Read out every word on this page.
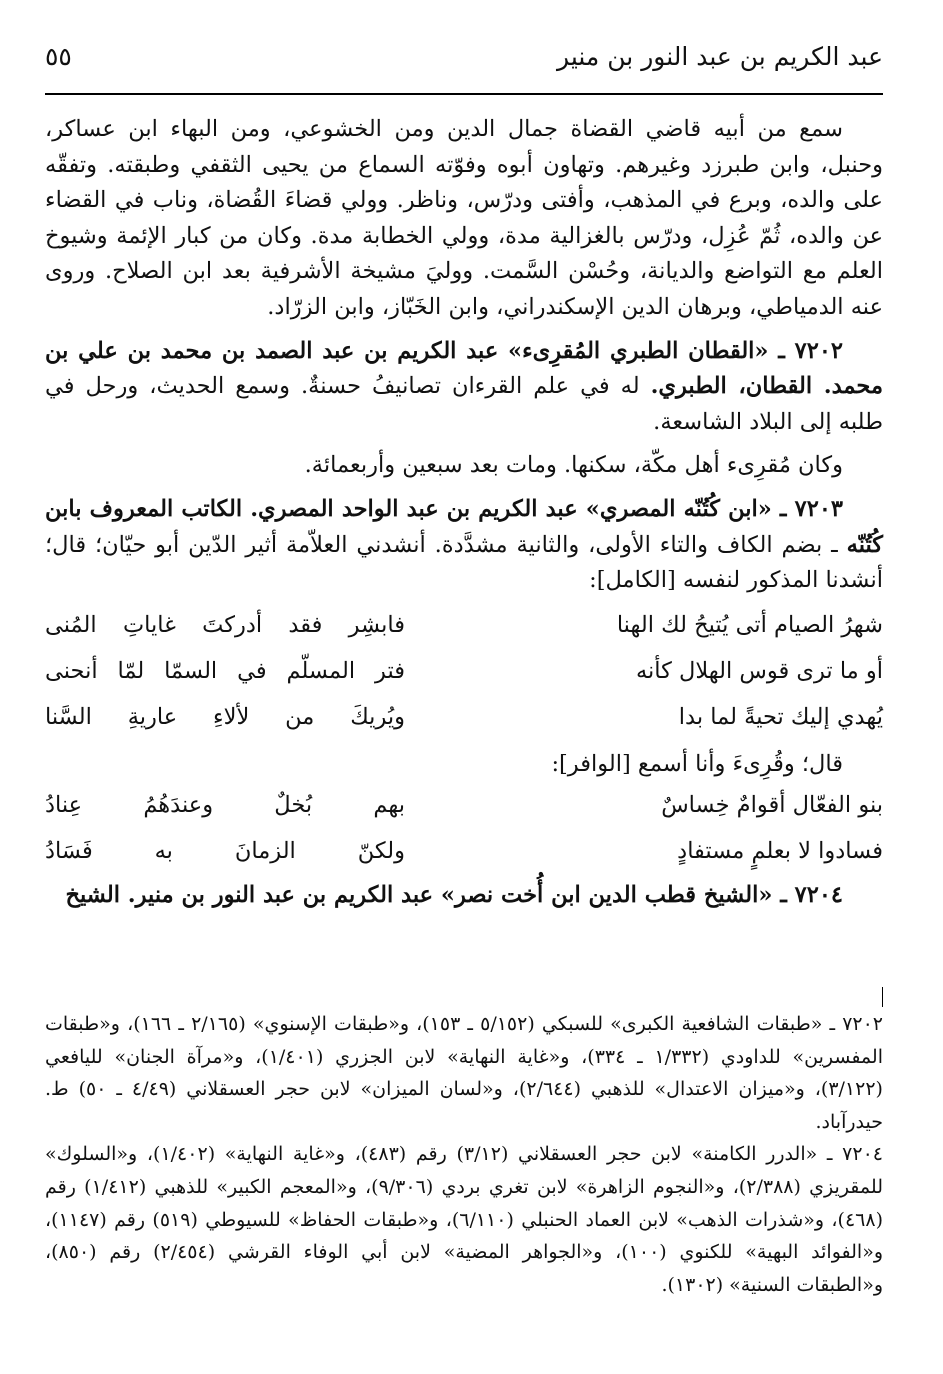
عبد الكريم بن عبد النور بن منير
٥٥

سمع من أبيه قاضي القضاة جمال الدين ومن الخشوعي، ومن البهاء ابن عساكر، وحنبل، وابن طبرزد وغيرهم. وتهاون أبوه وفوّته السماع من يحيى الثقفي وطبقته. وتفقّه على والده، وبرع في المذهب، وأفتى ودرّس، وناظر. وولي قضاءَ القُضاة، وناب في القضاء عن والده، ثُمّ عُزِل، ودرّس بالغزالية مدة، وولي الخطابة مدة. وكان من كبار الإئمة وشيوخ العلم مع التواضع والديانة، وحُسْن السَّمت. ووليَ مشيخة الأشرفية بعد ابن الصلاح. وروى عنه الدمياطي، وبرهان الدين الإسكندراني، وابن الخَبّاز، وابن الزرّاد.

٧٢٠٢ ـ «القطان الطبري المُقرِىء» عبد الكريم بن عبد الصمد بن محمد بن علي بن محمد. القطان، الطبري. له في علم القرءان تصانيفُ حسنةٌ. وسمع الحديث، ورحل في طلبه إلى البلاد الشاسعة.

وكان مُقرِىء أهل مكّة، سكنها. ومات بعد سبعين وأربعمائة.

٧٢٠٣ ـ «ابن كُتُنّه المصري» عبد الكريم بن عبد الواحد المصري. الكاتب المعروف بابن كُتُنّه ـ بضم الكاف والتاء الأولى، والثانية مشدَّدة. أنشدني العلاّمة أثير الدّين أبو حيّان؛ قال؛ أنشدنا المذكور لنفسه [الكامل]:

شهرُ الصيام أتى يُتيحُ لك الهنا
فابشِر فقد أدركتَ غاياتِ المُنى
أو ما ترى قوس الهلال كأنه
فتر المسلّم في السمّا لمّا أنحنى
يُهدي إليك تحيةً لما بدا
ويُريكَ من لألاءِ عاريةِ السَّنا

قال؛ وقُرِىءَ وأنا أسمع [الوافر]:

بنو الفعّال أقوامٌ خِساسٌ
بهم بُخلٌ وعندَهُمُ عِنادُ
فسادوا لا بعلمٍ مستفادٍ
ولكنّ الزمانَ به فَسَادُ

٧٢٠٤ ـ «الشيخ قطب الدين ابن أُخت نصر» عبد الكريم بن عبد النور بن منير. الشيخ

٧٢٠٢ ـ «طبقات الشافعية الكبرى» للسبكي (٥/١٥٢ ـ ١٥٣)، و«طبقات الإسنوي» (٢/١٦٥ ـ ١٦٦)، و«طبقات المفسرين» للداودي (١/٣٣٢ ـ ٣٣٤)، و«غاية النهاية» لابن الجزري (١/٤٠١)، و«مرآة الجنان» لليافعي (٣/١٢٢)، و«ميزان الاعتدال» للذهبي (٢/٦٤٤)، و«لسان الميزان» لابن حجر العسقلاني (٤/٤٩ ـ ٥٠) ط. حيدرآباد.

٧٢٠٤ ـ «الدرر الكامنة» لابن حجر العسقلاني (٣/١٢) رقم (٤٨٣)، و«غاية النهاية» (١/٤٠٢)، و«السلوك» للمقريزي (٢/٣٨٨)، و«النجوم الزاهرة» لابن تغري بردي (٩/٣٠٦)، و«المعجم الكبير» للذهبي (١/٤١٢) رقم (٤٦٨)، و«شذرات الذهب» لابن العماد الحنبلي (٦/١١٠)، و«طبقات الحفاظ» للسيوطي (٥١٩) رقم (١١٤٧)، و«الفوائد البهية» للكنوي (١٠٠)، و«الجواهر المضية» لابن أبي الوفاء القرشي (٢/٤٥٤) رقم (٨٥٠)، و«الطبقات السنية» (١٣٠٢).
